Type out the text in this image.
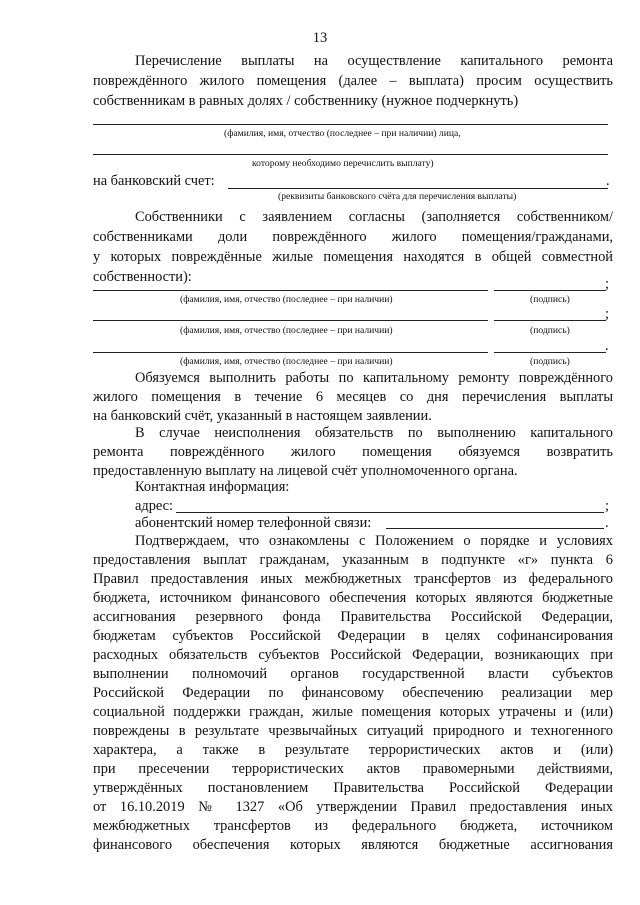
13
Перечисление выплаты на осуществление капитального ремонта
повреждённого жилого помещения (далее – выплата) просим осуществить
собственникам в равных долях / собственнику (нужное подчеркнуть)
(фамилия, имя, отчество (последнее – при наличии) лица,
которому необходимо перечислить выплату)
на банковский счет:	.
(реквизиты банковского счёта для перечисления выплаты)
Собственники с заявлением согласны (заполняется собственником/
собственниками доли повреждённого жилого помещения/гражданами,
у которых повреждённые жилые помещения находятся в общей совместной
собственности):	;
(фамилия, имя, отчество (последнее – при наличии)	(подпись)
;
(фамилия, имя, отчество (последнее – при наличии)	(подпись)
.
(фамилия, имя, отчество (последнее – при наличии)	(подпись)
Обязуемся выполнить работы по капитальному ремонту повреждённого
жилого помещения в течение 6 месяцев со дня перечисления выплаты
на банковский счёт, указанный в настоящем заявлении.
В случае неисполнения обязательств по выполнению капитального
ремонта повреждённого жилого помещения обязуемся возвратить
предоставленную выплату на лицевой счёт уполномоченного органа.
Контактная информация:
адрес:	;
абонентский номер телефонной связи:	.
Подтверждаем, что ознакомлены с Положением о порядке и условиях
предоставления выплат гражданам, указанным в подпункте «г» пункта 6
Правил предоставления иных межбюджетных трансфертов из федерального
бюджета, источником финансового обеспечения которых являются бюджетные
ассигнования резервного фонда Правительства Российской Федерации,
бюджетам субъектов Российской Федерации в целях софинансирования
расходных обязательств субъектов Российской Федерации, возникающих при
выполнении полномочий органов государственной власти субъектов
Российской Федерации по финансовому обеспечению реализации мер
социальной поддержки граждан, жилые помещения которых утрачены и (или)
повреждены в результате чрезвычайных ситуаций природного и техногенного
характера, а также в результате террористических актов и (или)
при пресечении террористических актов правомерными действиями,
утверждённых постановлением Правительства Российской Федерации
от 16.10.2019 № 1327 «Об утверждении Правил предоставления иных
межбюджетных трансфертов из федерального бюджета, источником
финансового обеспечения которых являются бюджетные ассигнования
